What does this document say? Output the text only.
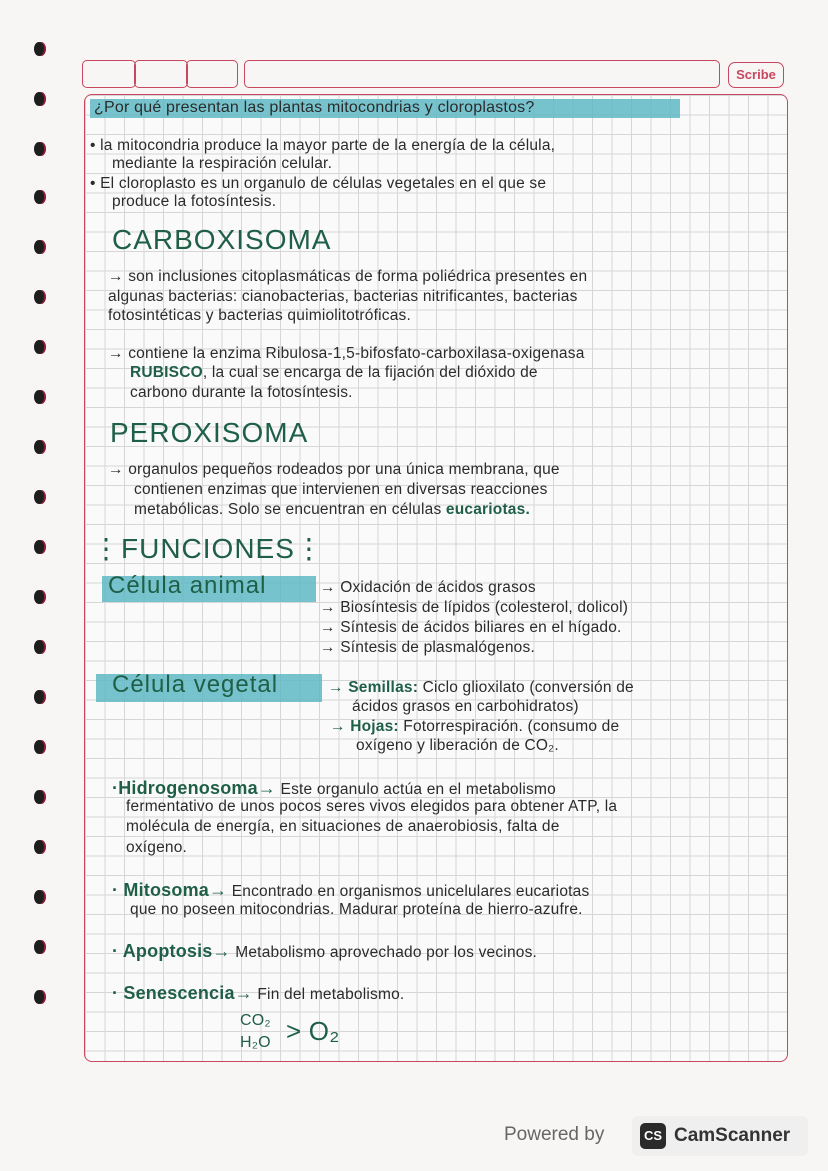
Scribe
¿Por qué presentan las plantas mitocondrias y cloroplastos?
• la mitocondria produce la mayor parte de la energía de la célula,
mediante la respiración celular.
• El cloroplasto es un organulo de células vegetales en el que se
produce la fotosíntesis.
CARBOXISOMA
→ son inclusiones citoplasmáticas de forma poliédrica presentes en
algunas bacterias: cianobacterias, bacterias nitrificantes, bacterias
fotosintéticas y bacterias quimiolitotróficas.
→ contiene la enzima Ribulosa-1,5-bifosfato-carboxilasa-oxigenasa
RUBISCO, la cual se encarga de la fijación del dióxido de
carbono durante la fotosíntesis.
PEROXISOMA
→ organulos pequeños rodeados por una única membrana, que
contienen enzimas que intervienen en diversas reacciones
metabólicas. Solo se encuentran en células eucariotas.
⋮FUNCIONES⋮
Célula animal	→ Oxidación de ácidos grasos
→ Biosíntesis de lípidos (colesterol, dolicol)
→ Síntesis de ácidos biliares en el hígado.
→ Síntesis de plasmalógenos.
Célula vegetal	→ Semillas: Ciclo glioxilato (conversión de
ácidos grasos en carbohidratos)
→ Hojas: Fotorrespiración. (consumo de
oxígeno y liberación de CO₂.
·Hidrogenosoma→ Este organulo actúa en el metabolismo
fermentativo de unos pocos seres vivos elegidos para obtener ATP, la
molécula de energía, en situaciones de anaerobiosis, falta de
oxígeno.
· Mitosoma→ Encontrado en organismos unicelulares eucariotas
que no poseen mitocondrias. Madurar proteína de hierro-azufre.
· Apoptosis→ Metabolismo aprovechado por los vecinos.
· Senescencia→ Fin del metabolismo.
CO₂
H₂O > O₂
Powered by	CS CamScanner
